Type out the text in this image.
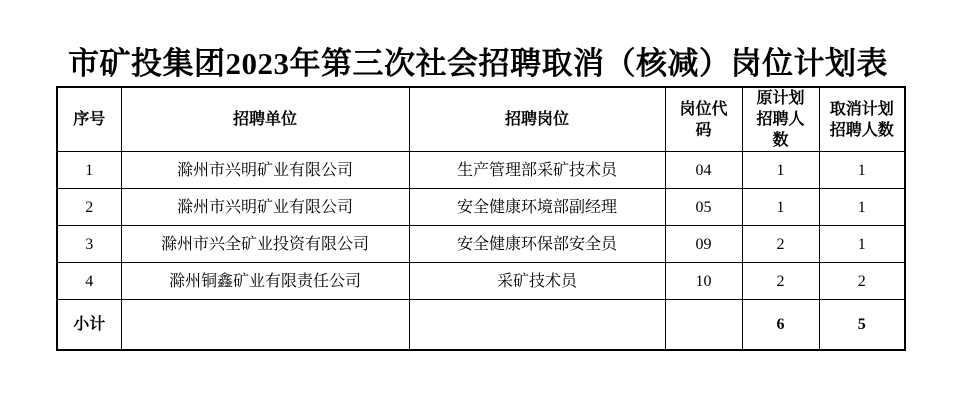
市矿投集团2023年第三次社会招聘取消（核减）岗位计划表
序号	招聘单位	招聘岗位	岗位代码	原计划招聘人数	取消计划招聘人数
1	滁州市兴明矿业有限公司	生产管理部采矿技术员	04	1	1
2	滁州市兴明矿业有限公司	安全健康环境部副经理	05	1	1
3	滁州市兴全矿业投资有限公司	安全健康环保部安全员	09	2	1
4	滁州铜鑫矿业有限责任公司	采矿技术员	10	2	2
小计				6	5
